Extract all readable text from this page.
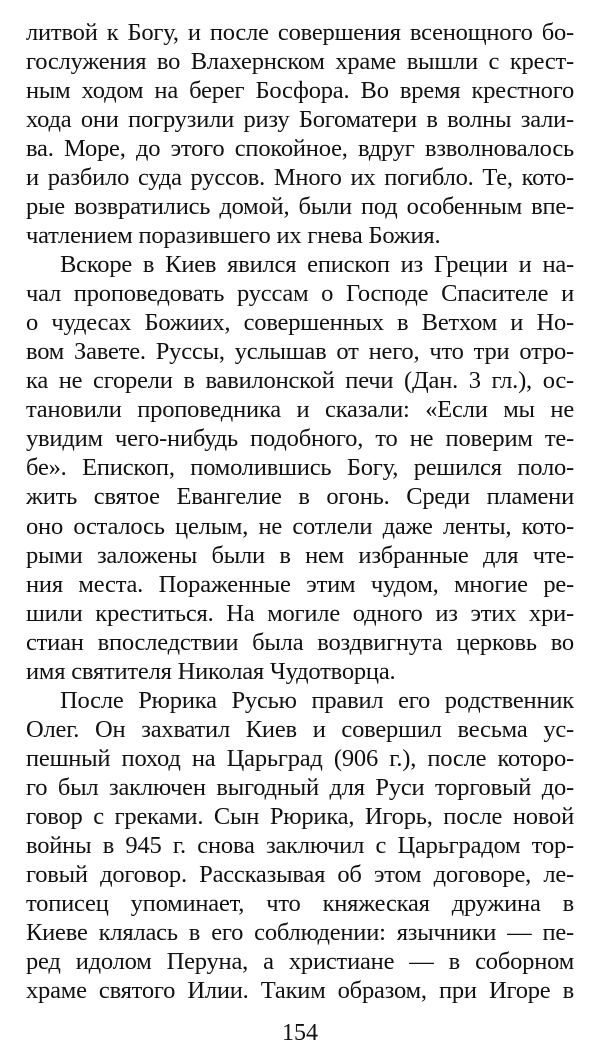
литвой к Богу, и после совершения всенощного бо-
гослужения во Влахернском храме вышли с крест-
ным ходом на берег Босфора. Во время крестного
хода они погрузили ризу Богоматери в волны зали-
ва. Море, до этого спокойное, вдруг взволновалось
и разбило суда руссов. Много их погибло. Те, кото-
рые возвратились домой, были под особенным впе-
чатлением поразившего их гнева Божия.
Вскоре в Киев явился епископ из Греции и на-
чал проповедовать руссам о Господе Спасителе и
о чудесах Божиих, совершенных в Ветхом и Но-
вом Завете. Руссы, услышав от него, что три отро-
ка не сгорели в вавилонской печи (Дан. 3 гл.), ос-
тановили проповедника и сказали: «Если мы не
увидим чего-нибудь подобного, то не поверим те-
бе». Епископ, помолившись Богу, решился поло-
жить святое Евангелие в огонь. Среди пламени
оно осталось целым, не сотлели даже ленты, кото-
рыми заложены были в нем избранные для чте-
ния места. Пораженные этим чудом, многие ре-
шили креститься. На могиле одного из этих хри-
стиан впоследствии была воздвигнута церковь во
имя святителя Николая Чудотворца.
После Рюрика Русью правил его родственник
Олег. Он захватил Киев и совершил весьма ус-
пешный поход на Царьград (906 г.), после которо-
го был заключен выгодный для Руси торговый до-
говор с греками. Сын Рюрика, Игорь, после новой
войны в 945 г. снова заключил с Царьградом тор-
говый договор. Рассказывая об этом договоре, ле-
тописец упоминает, что княжеская дружина в
Киеве клялась в его соблюдении: язычники — пе-
ред идолом Перуна, а христиане — в соборном
храме святого Илии. Таким образом, при Игоре в
154
